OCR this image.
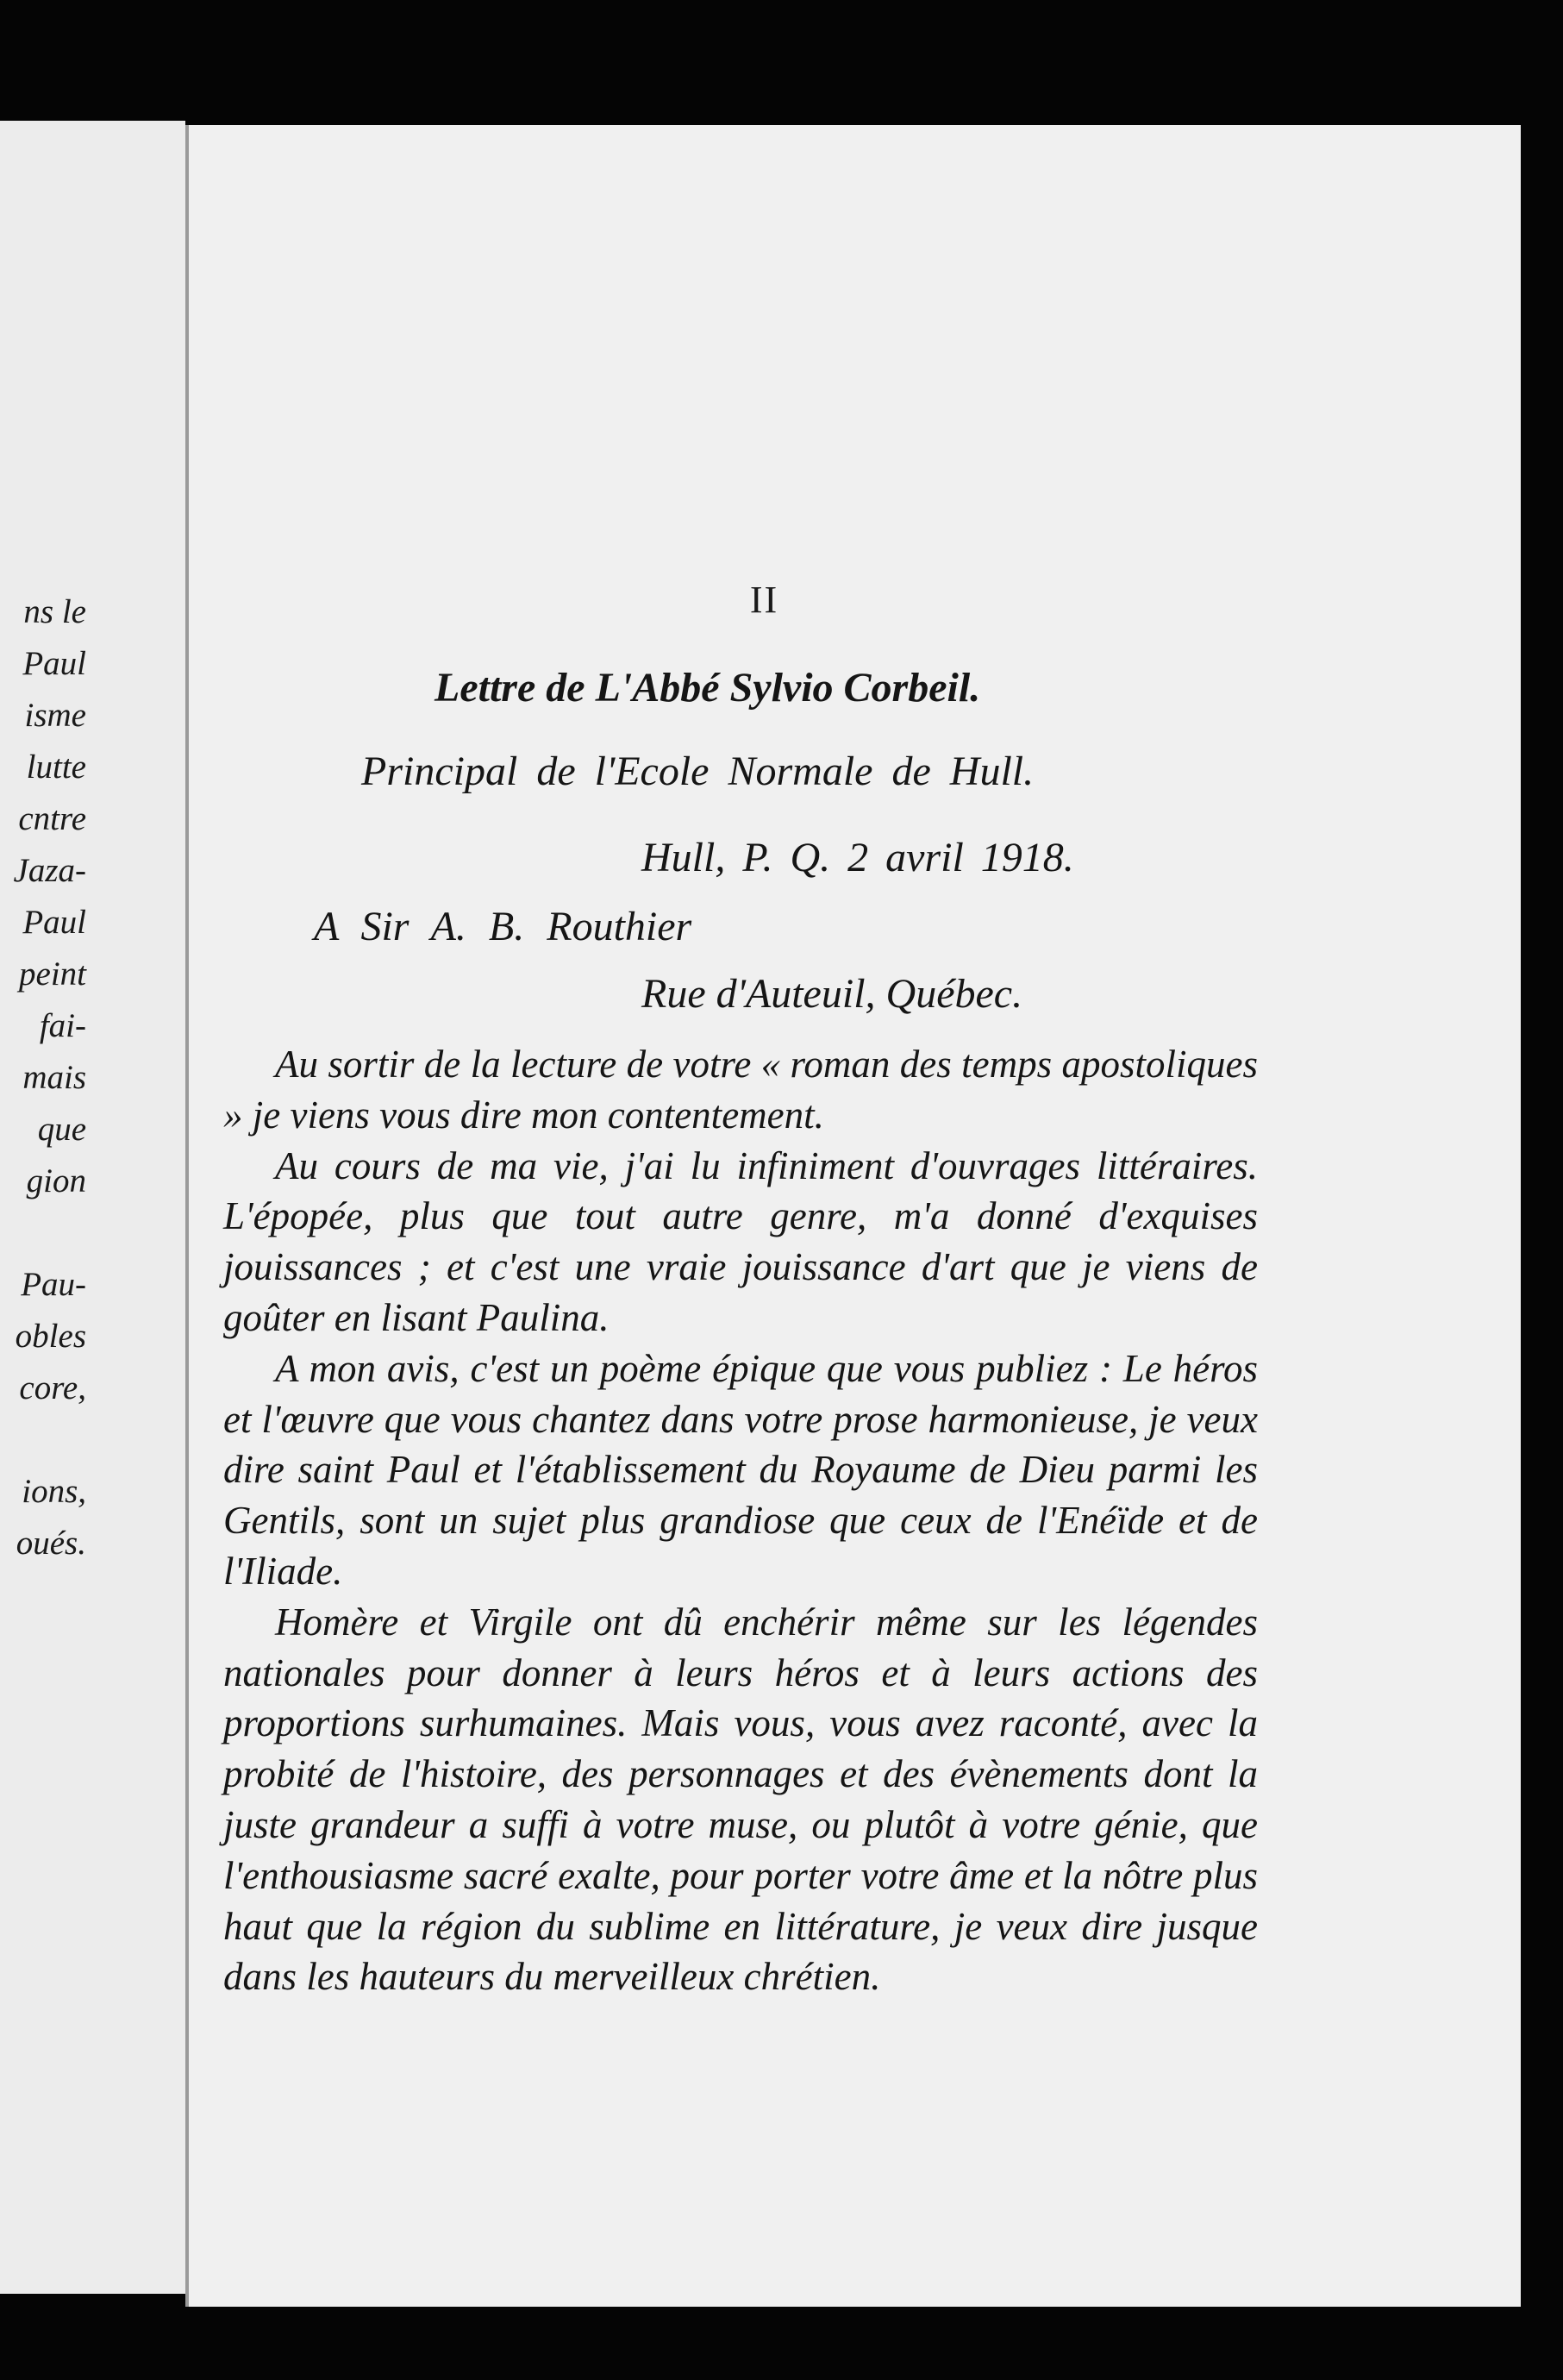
ns le
Paul
isme
lutte
cntre
Jaza-
Paul
peint
fai-
mais
que
gion
Pau-
obles
core,
ions,
oués.
II
Lettre de L'Abbé Sylvio Corbeil.
Principal de l'Ecole Normale de Hull.
Hull, P. Q. 2 avril 1918.
A Sir A. B. Routhier
Rue d'Auteuil, Québec.

Au sortir de la lecture de votre « roman des temps apostoliques » je viens vous dire mon contentement.

Au cours de ma vie, j'ai lu infiniment d'ouvrages littéraires. L'épopée, plus que tout autre genre, m'a donné d'exquises jouissances ; et c'est une vraie jouissance d'art que je viens de goûter en lisant Paulina.

A mon avis, c'est un poème épique que vous publiez : Le héros et l'œuvre que vous chantez dans votre prose harmonieuse, je veux dire saint Paul et l'établissement du Royaume de Dieu parmi les Gentils, sont un sujet plus grandiose que ceux de l'Enéïde et de l'Iliade.

Homère et Virgile ont dû enchérir même sur les légendes nationales pour donner à leurs héros et à leurs actions des proportions surhumaines. Mais vous, vous avez raconté, avec la probité de l'histoire, des personnages et des évènements dont la juste grandeur a suffi à votre muse, ou plutôt à votre génie, que l'enthousiasme sacré exalte, pour porter votre âme et la nôtre plus haut que la région du sublime en littérature, je veux dire jusque dans les hauteurs du merveilleux chrétien.
